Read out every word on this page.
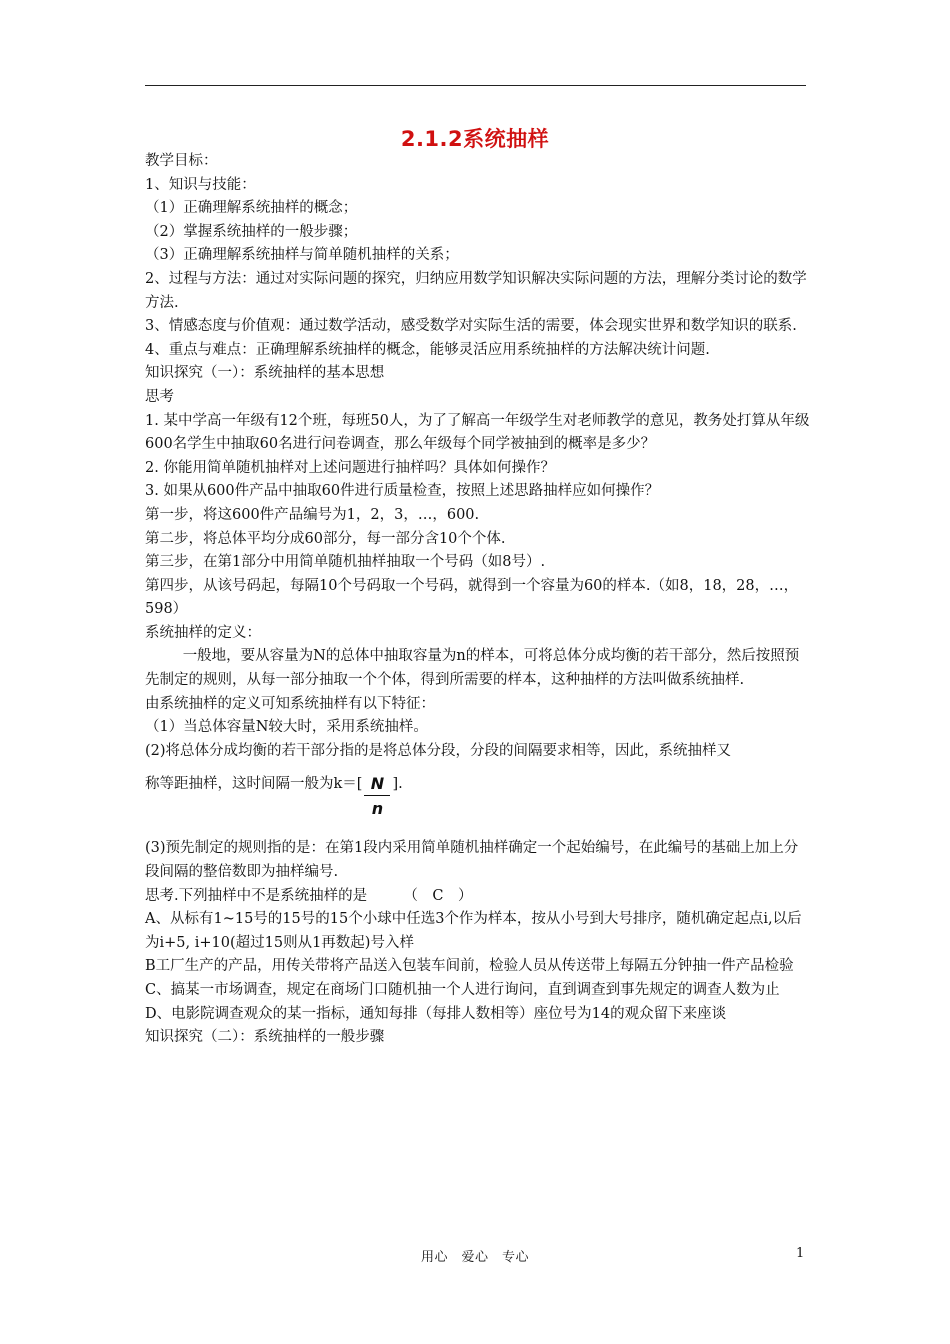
2.1.2系统抽样

教学目标：

1、知识与技能：

（1）正确理解系统抽样的概念；

（2）掌握系统抽样的一般步骤；

（3）正确理解系统抽样与简单随机抽样的关系；

2、过程与方法：通过对实际问题的探究，归纳应用数学知识解决实际问题的方法，理解分类讨论的数学方法.

3、情感态度与价值观：通过数学活动，感受数学对实际生活的需要，体会现实世界和数学知识的联系.

4、重点与难点：正确理解系统抽样的概念，能够灵活应用系统抽样的方法解决统计问题.

知识探究（一）：系统抽样的基本思想

思考

1. 某中学高一年级有12个班，每班50人，为了了解高一年级学生对老师教学的意见，教务处打算从年级600名学生中抽取60名进行问卷调查，那么年级每个同学被抽到的概率是多少？

2. 你能用简单随机抽样对上述问题进行抽样吗？具体如何操作？

3. 如果从600件产品中抽取60件进行质量检查，按照上述思路抽样应如何操作？

第一步，将这600件产品编号为1，2，3，…，600.

第二步，将总体平均分成60部分，每一部分含10个个体.

第三步，在第1部分中用简单随机抽样抽取一个号码（如8号）.

第四步，从该号码起，每隔10个号码取一个号码，就得到一个容量为60的样本.（如8，18，28，…，598）

系统抽样的定义：

一般地，要从容量为N的总体中抽取容量为n的样本，可将总体分成均衡的若干部分，然后按照预先制定的规则，从每一部分抽取一个个体，得到所需要的样本，这种抽样的方法叫做系统抽样.

由系统抽样的定义可知系统抽样有以下特征：

（1）当总体容量N较大时，采用系统抽样。

(2)将总体分成均衡的若干部分指的是将总体分段，分段的间隔要求相等，因此，系统抽样又

称等距抽样，这时间隔一般为$k=[ \frac{N}{n}$ ].

(3)预先制定的规则指的是：在第1段内采用简单随机抽样确定一个起始编号，在此编号的基础上加上分段间隔的整倍数即为抽样编号.

思考.下列抽样中不是系统抽样的是　　　（　C　）

A、从标有1~15号的15号的15个小球中任选3个作为样本，按从小号到大号排序，随机确定起点i,以后为i+5, i+10(超过15则从1再数起)号入样

B工厂生产的产品，用传关带将产品送入包装车间前，检验人员从传送带上每隔五分钟抽一件产品检验

C、搞某一市场调查，规定在商场门口随机抽一个人进行询问，直到调查到事先规定的调查人数为止

D、电影院调查观众的某一指标，通知每排（每排人数相等）座位号为14的观众留下来座谈

知识探究（二）：系统抽样的一般步骤

用心　爱心　专心	1
